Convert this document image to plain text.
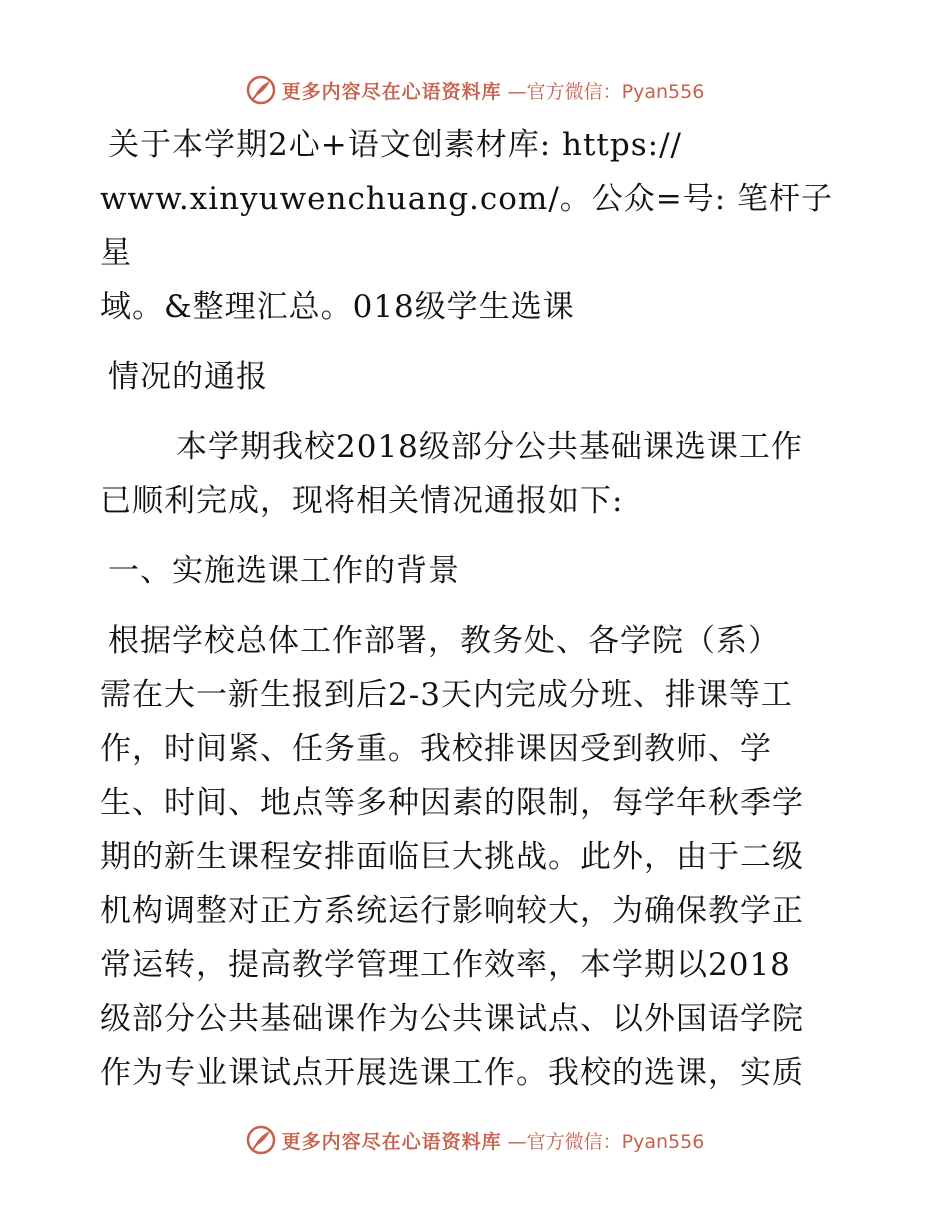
更多内容尽在心语资料库 —官方微信：Pyan556

关于本学期2心+语文创素材库: https://

www.xinyuwenchuang.com/。公众=号: 笔杆子星

域。&整理汇总。018级学生选课

情况的通报

本学期我校2018级部分公共基础课选课工作

已顺利完成，现将相关情况通报如下:

一、实施选课工作的背景

根据学校总体工作部署，教务处、各学院（系）

需在大一新生报到后2-3天内完成分班、排课等工

作，时间紧、任务重。我校排课因受到教师、学

生、时间、地点等多种因素的限制，每学年秋季学

期的新生课程安排面临巨大挑战。此外，由于二级

机构调整对正方系统运行影响较大，为确保教学正

常运转，提高教学管理工作效率，本学期以2018

级部分公共基础课作为公共课试点、以外国语学院

作为专业课试点开展选课工作。我校的选课，实质

更多内容尽在心语资料库 —官方微信：Pyan556
